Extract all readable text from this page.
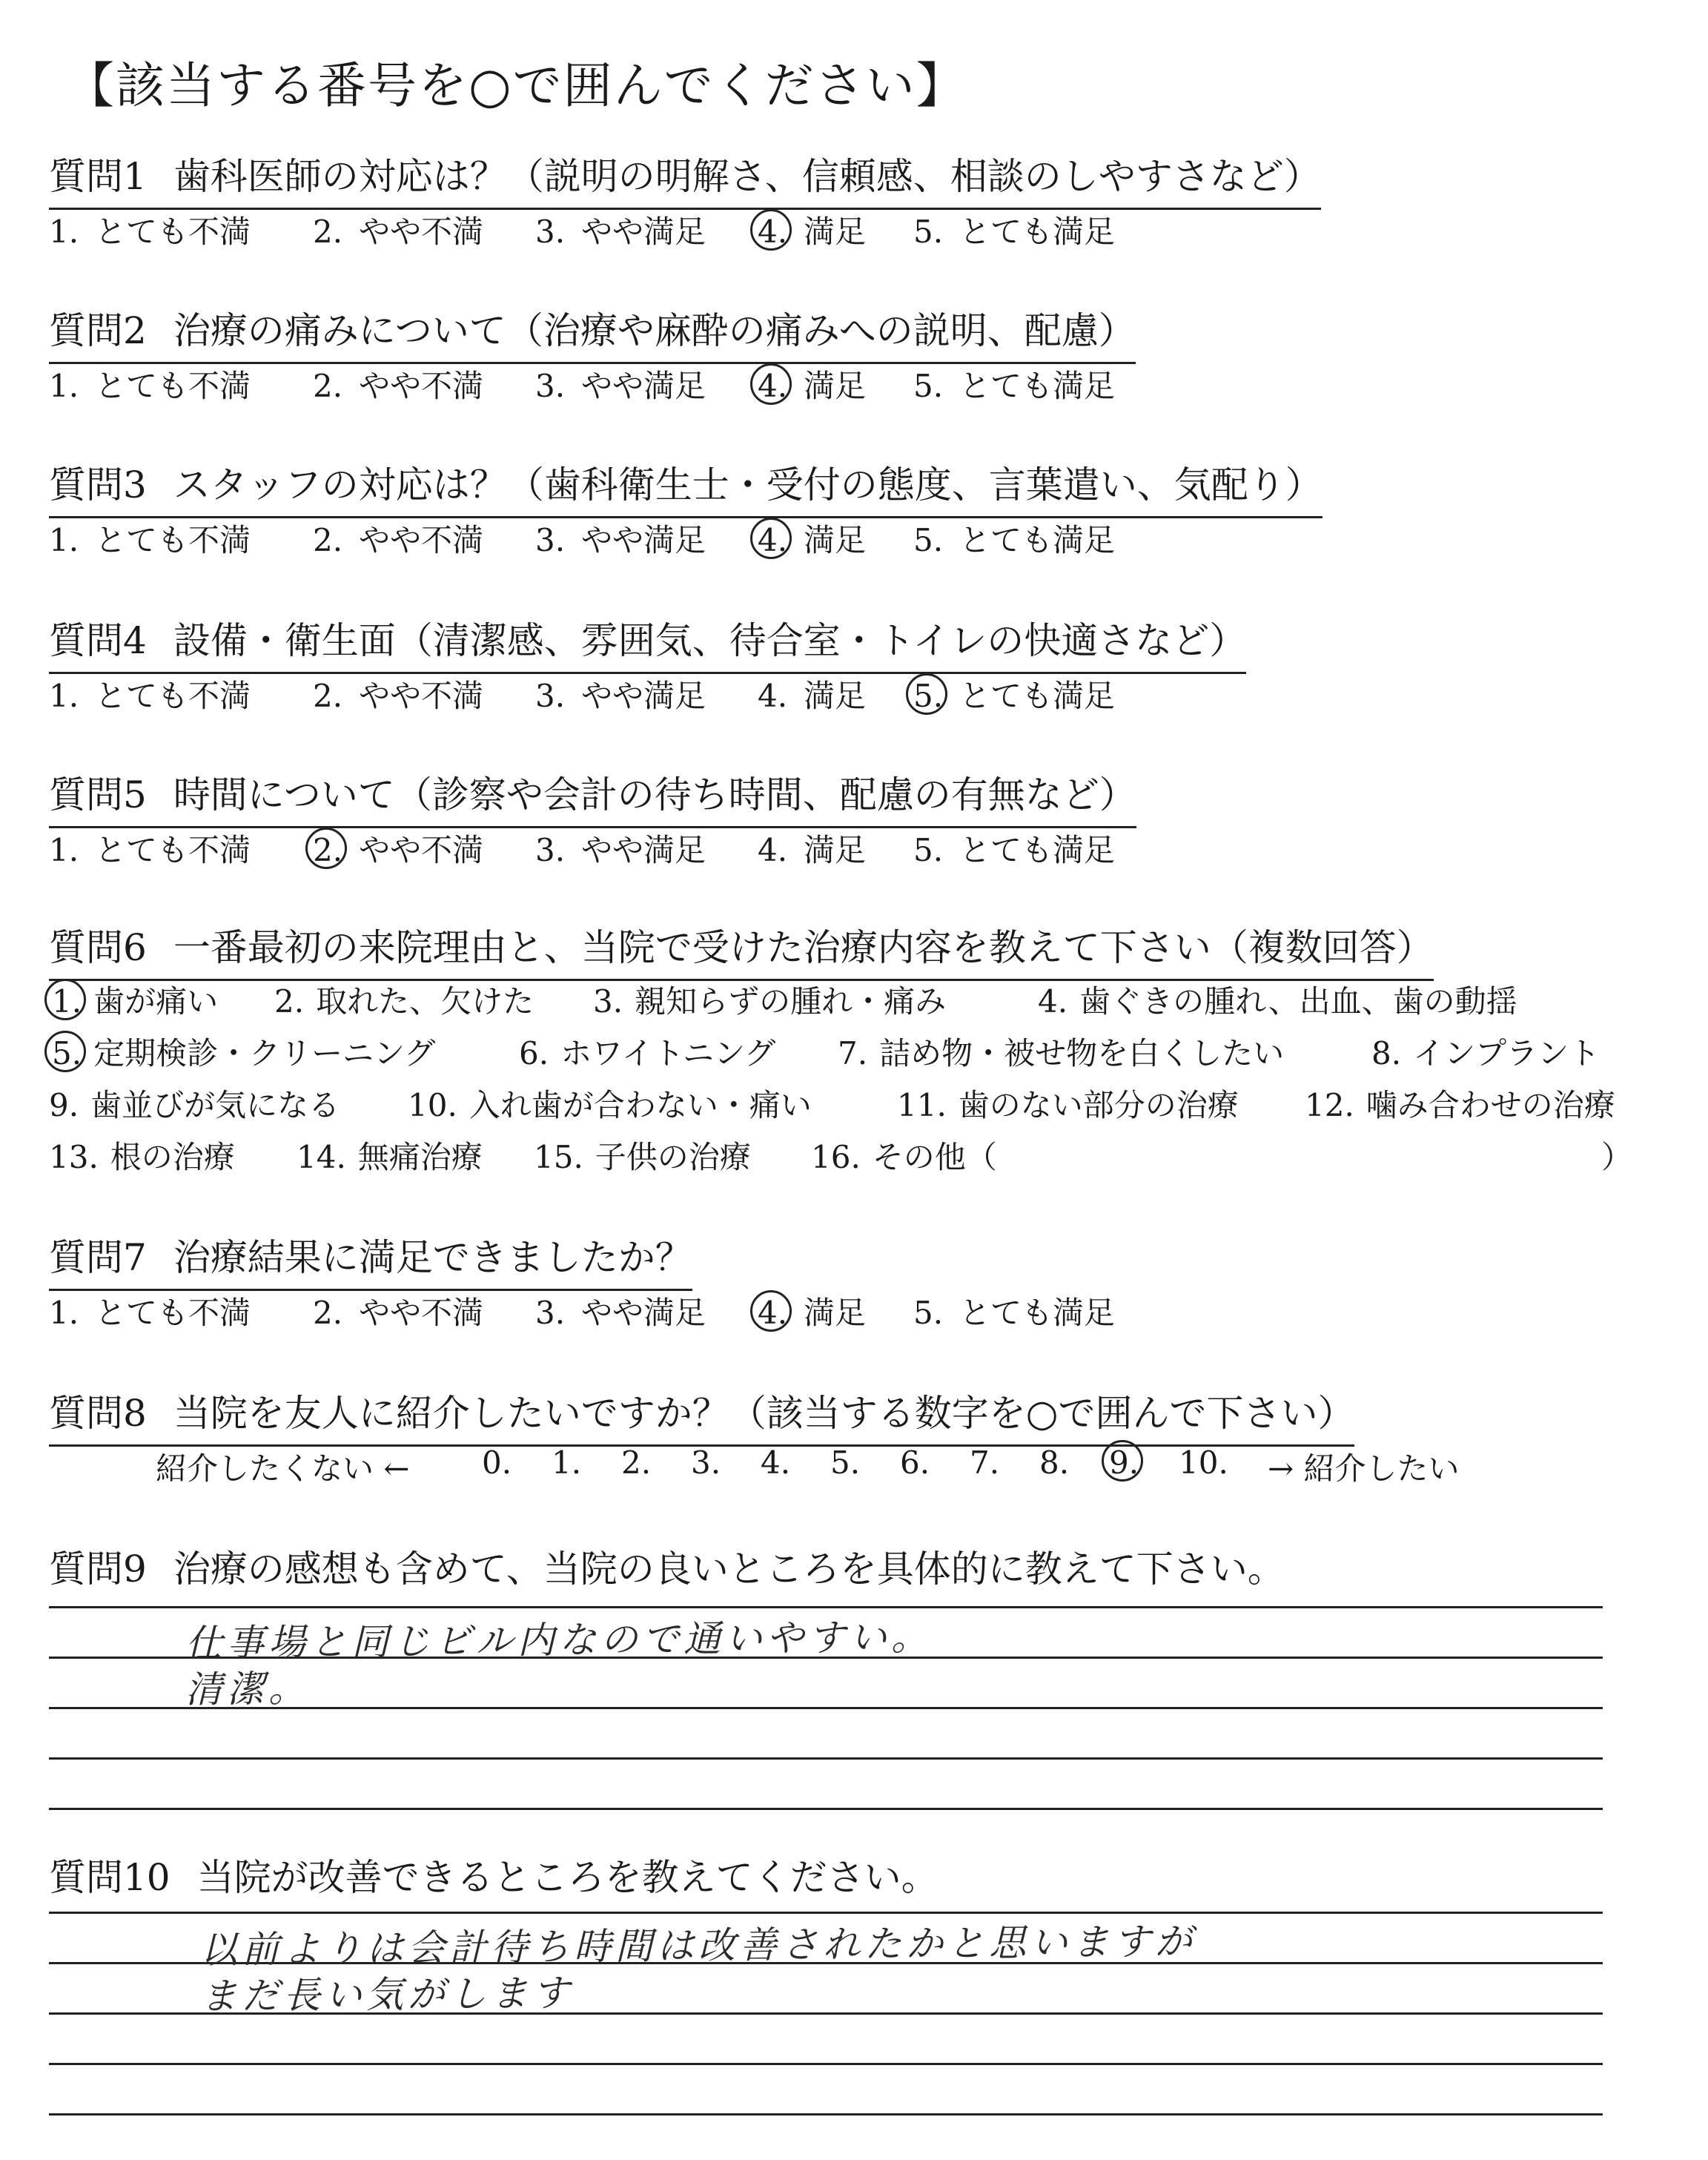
【該当する番号を○で囲んでください】
質問1 歯科医師の対応は？（説明の明解さ、信頼感、相談のしやすさなど）
1. とても不満 2. やや不満 3. やや満足 4. 満足 5. とても満足
質問2 治療の痛みについて（治療や麻酔の痛みへの説明、配慮）
1. とても不満 2. やや不満 3. やや満足 4. 満足 5. とても満足
質問3 スタッフの対応は？（歯科衛生士・受付の態度、言葉遣い、気配り）
1. とても不満 2. やや不満 3. やや満足 4. 満足 5. とても満足
質問4 設備・衛生面（清潔感、雰囲気、待合室・トイレの快適さなど）
1. とても不満 2. やや不満 3. やや満足 4. 満足 5. とても満足
質問5 時間について（診察や会計の待ち時間、配慮の有無など）
1. とても不満 2. やや不満 3. やや満足 4. 満足 5. とても満足
質問6 一番最初の来院理由と、当院で受けた治療内容を教えて下さい（複数回答）
1. 歯が痛い 2. 取れた、欠けた 3. 親知らずの腫れ・痛み	4. 歯ぐきの腫れ、出血、歯の動揺
5. 定期検診・クリーニング	6. ホワイトニング 7. 詰め物・被せ物を白くしたい	8. インプラント
9. 歯並びが気になる 10. 入れ歯が合わない・痛い	11. 歯のない部分の治療 12. 噛み合わせの治療
13. 根の治療 14. 無痛治療 15. 子供の治療 16. その他（	）
質問7 治療結果に満足できましたか？
1. とても不満 2. やや不満 3. やや満足 4. 満足 5. とても満足
質問8 当院を友人に紹介したいですか？（該当する数字を○で囲んで下さい）
紹介したくない ← 0. 1. 2. 3. 4. 5. 6. 7. 8. 9. 10. → 紹介したい
質問9 治療の感想も含めて、当院の良いところを具体的に教えて下さい。
仕事場と同じビル内なので通いやすい。
清潔。
質問10 当院が改善できるところを教えてください。
以前よりは会計待ち時間は改善されたかと思いますが
まだ長い気がします
